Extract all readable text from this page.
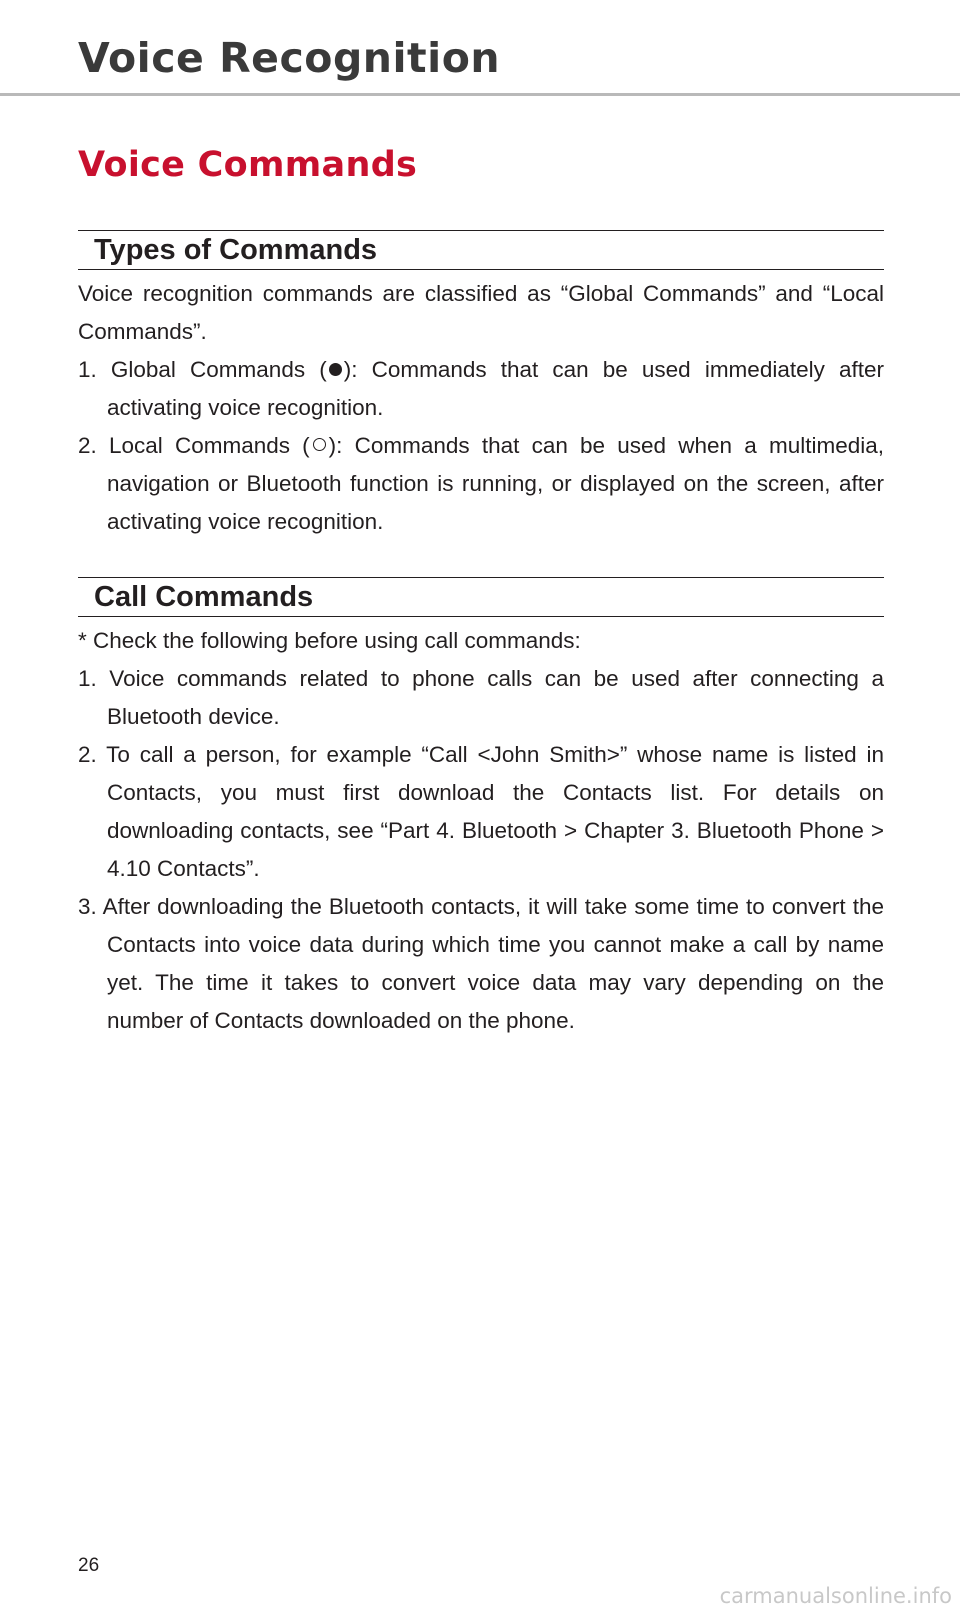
Voice Recognition
Voice Commands
Types of Commands

Voice recognition commands are classified as “Global Commands” and “Local Commands”.

1. Global Commands ( ): Commands that can be used immediately after activating voice recognition.

2. Local Commands ( ): Commands that can be used when a multimedia, navigation or Bluetooth function is running, or displayed on the screen, after activating voice recognition.

Call Commands

* Check the following before using call commands:

1. Voice commands related to phone calls can be used after connecting a Bluetooth device.

2. To call a person, for example “Call <John Smith>” whose name is listed in Contacts, you must first download the Contacts list. For details on downloading contacts, see “Part 4. Bluetooth > Chapter 3. Bluetooth Phone > 4.10 Contacts”.

3. After downloading the Bluetooth contacts, it will take some time to convert the Contacts into voice data during which time you cannot make a call by name yet. The time it takes to convert voice data may vary depending on the number of Contacts downloaded on the phone.

26
carmanualsonline.info
